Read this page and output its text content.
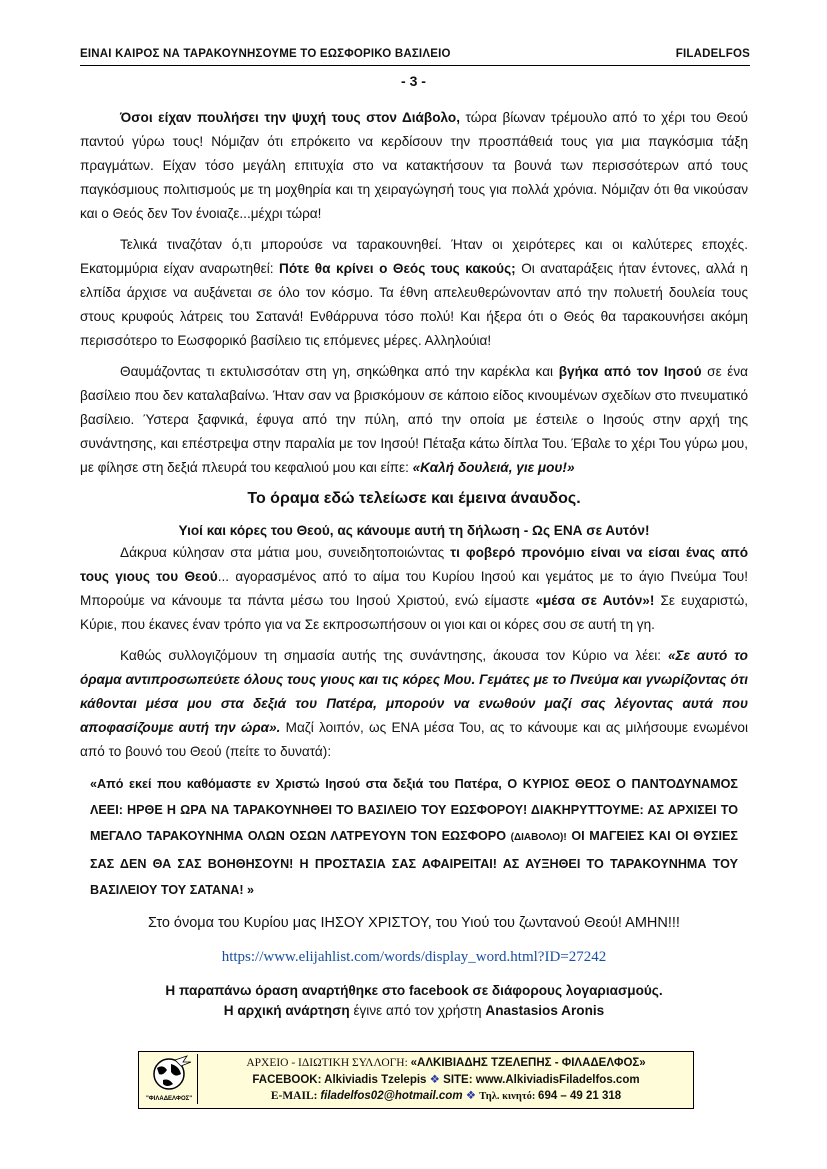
ΕΙΝΑΙ ΚΑΙΡΟΣ ΝΑ ΤΑΡΑΚΟΥΝΗΣΟΥΜΕ ΤΟ ΕΩΣΦΟΡΙΚΟ ΒΑΣΙΛΕΙΟ	FILADELFOS
- 3 -

Όσοι είχαν πουλήσει την ψυχή τους στον Διάβολο, τώρα βίωναν τρέμουλο από το χέρι του Θεού παντού γύρω τους! Νόμιζαν ότι επρόκειτο να κερδίσουν την προσπάθειά τους για μια παγκόσμια τάξη πραγμάτων. Είχαν τόσο μεγάλη επιτυχία στο να κατακτήσουν τα βουνά των περισσότερων από τους παγκόσμιους πολιτισμούς με τη μοχθηρία και τη χειραγώγησή τους για πολλά χρόνια. Νόμιζαν ότι θα νικούσαν και ο Θεός δεν Τον ένοιαζε...μέχρι τώρα!

Τελικά τιναζόταν ό,τι μπορούσε να ταρακουνηθεί. Ήταν οι χειρότερες και οι καλύτερες εποχές. Εκατομμύρια είχαν αναρωτηθεί: Πότε θα κρίνει ο Θεός τους κακούς; Οι αναταράξεις ήταν έντονες, αλλά η ελπίδα άρχισε να αυξάνεται σε όλο τον κόσμο. Τα έθνη απελευθερώνονταν από την πολυετή δουλεία τους στους κρυφούς λάτρεις του Σατανά! Ενθάρρυνα τόσο πολύ! Και ήξερα ότι ο Θεός θα ταρακουνήσει ακόμη περισσότερο το Εωσφορικό βασίλειο τις επόμενες μέρες. Αλληλούια!

Θαυμάζοντας τι εκτυλισσόταν στη γη, σηκώθηκα από την καρέκλα και βγήκα από τον Ιησού σε ένα βασίλειο που δεν καταλαβαίνω. Ήταν σαν να βρισκόμουν σε κάποιο είδος κινουμένων σχεδίων στο πνευματικό βασίλειο. Ύστερα ξαφνικά, έφυγα από την πύλη, από την οποία με έστειλε ο Ιησούς στην αρχή της συνάντησης, και επέστρεψα στην παραλία με τον Ιησού! Πέταξα κάτω δίπλα Του. Έβαλε το χέρι Του γύρω μου, με φίλησε στη δεξιά πλευρά του κεφαλιού μου και είπε: «Καλή δουλειά, γιε μου!»

Το όραμα εδώ τελείωσε και έμεινα άναυδος.
Υιοί και κόρες του Θεού, ας κάνουμε αυτή τη δήλωση - Ως ΕΝΑ σε Αυτόν!

Δάκρυα κύλησαν στα μάτια μου, συνειδητοποιώντας τι φοβερό προνόμιο είναι να είσαι ένας από τους γιους του Θεού... αγορασμένος από το αίμα του Κυρίου Ιησού και γεμάτος με το άγιο Πνεύμα Του! Μπορούμε να κάνουμε τα πάντα μέσω του Ιησού Χριστού, ενώ είμαστε «μέσα σε Αυτόν»! Σε ευχαριστώ, Κύριε, που έκανες έναν τρόπο για να Σε εκπροσωπήσουν οι γιοι και οι κόρες σου σε αυτή τη γη.

Καθώς συλλογιζόμουν τη σημασία αυτής της συνάντησης, άκουσα τον Κύριο να λέει: «Σε αυτό το όραμα αντιπροσωπεύετε όλους τους γιους και τις κόρες Μου. Γεμάτες με το Πνεύμα και γνωρίζοντας ότι κάθονται μέσα μου στα δεξιά του Πατέρα, μπορούν να ενωθούν μαζί σας λέγοντας αυτά που αποφασίζουμε αυτή την ώρα». Μαζί λοιπόν, ως ΕΝΑ μέσα Του, ας το κάνουμε και ας μιλήσουμε ενωμένοι από το βουνό του Θεού (πείτε το δυνατά):

«Από εκεί που καθόμαστε εν Χριστώ Ιησού στα δεξιά του Πατέρα, Ο ΚΥΡΙΟΣ ΘΕΟΣ Ο ΠΑΝΤΟΔΥΝΑΜΟΣ ΛΕΕΙ: ΗΡΘΕ Η ΩΡΑ ΝΑ ΤΑΡΑΚΟΥΝΗΘΕΙ ΤΟ ΒΑΣΙΛΕΙΟ ΤΟΥ ΕΩΣΦΟΡΟΥ! ΔΙΑΚΗΡΥΤΤΟΥΜΕ: ΑΣ ΑΡΧΙΣΕΙ ΤΟ ΜΕΓΑΛΟ ΤΑΡΑΚΟΥΝΗΜΑ ΟΛΩΝ ΟΣΩΝ ΛΑΤΡΕΥΟΥΝ ΤΟΝ ΕΩΣΦΟΡΟ (ΔΙΑΒΟΛΟ)! ΟΙ ΜΑΓΕΙΕΣ ΚΑΙ ΟΙ ΘΥΣΙΕΣ ΣΑΣ ΔΕΝ ΘΑ ΣΑΣ ΒΟΗΘΗΣΟΥΝ! Η ΠΡΟΣΤΑΣΙΑ ΣΑΣ ΑΦΑΙΡΕΙΤΑΙ! ΑΣ ΑΥΞΗΘΕΙ ΤΟ ΤΑΡΑΚΟΥΝΗΜΑ ΤΟΥ ΒΑΣΙΛΕΙΟΥ ΤΟΥ ΣΑΤΑΝΑ! »
Στο όνομα του Κυρίου μας ΙΗΣΟΥ ΧΡΙΣΤΟΥ, του Υιού του ζωντανού Θεού! ΑΜΗΝ!!!
https://www.elijahlist.com/words/display_word.html?ID=27242
Η παραπάνω όραση αναρτήθηκε στο facebook σε διάφορους λογαριασμούς.
Η αρχική ανάρτηση έγινε από τον χρήστη Anastasios Aronis
"ΦΙΛΑΔΕΛΦΟΣ"
ΑΡΧΕΙΟ - ΙΔΙΩΤΙΚΗ ΣΥΛΛΟΓΗ: «ΑΛΚΙΒΙΑΔΗΣ ΤΖΕΛΕΠΗΣ - ΦΙΛΑΔΕΛΦΟΣ»
FACEBOOK: Alkiviadis Tzelepis ❖ SITE: www.AlkiviadisFiladelfos.com
E-MAIL: filadelfos02@hotmail.com ❖ Τηλ. κινητό: 694 – 49 21 318
